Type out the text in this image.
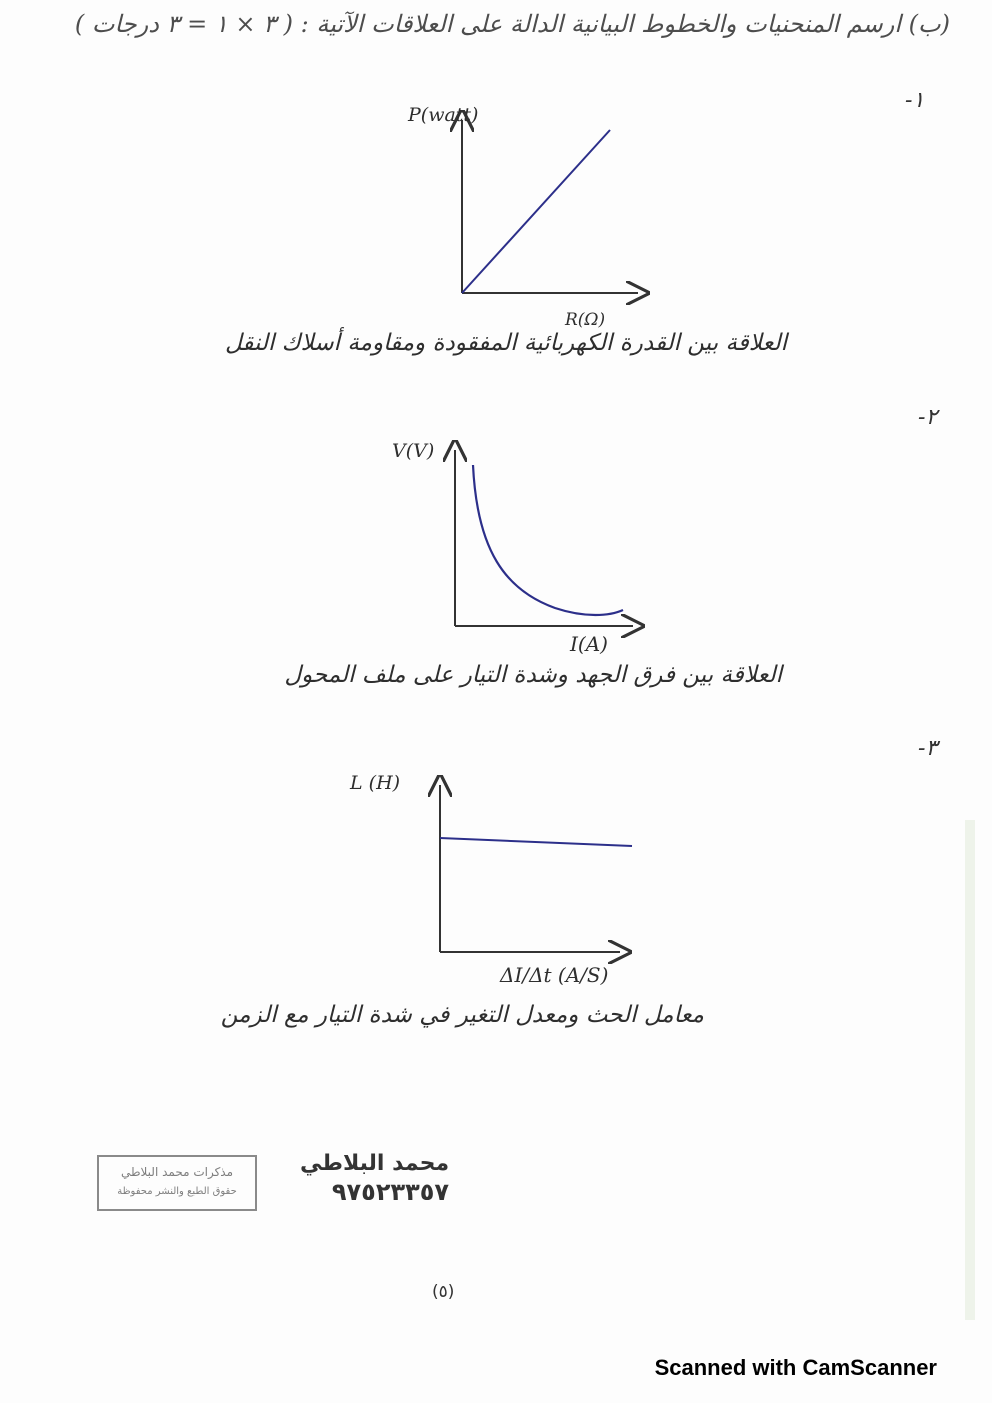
(ب) ارسم المنحنيات والخطوط البيانية الدالة على العلاقات الآتية : ( ٣ × ١ = ٣ درجات )
١-
P(watt)
R(Ω)
العلاقة بين القدرة الكهربائية المفقودة ومقاومة أسلاك النقل
٢-
V(V)
I(A)
العلاقة بين فرق الجهد وشدة التيار على ملف المحول
٣-
L (H)
ΔI/Δt (A/S)
معامل الحث ومعدل التغير في شدة التيار مع الزمن
مذكرات محمد البلاطي
حقوق الطبع والنشر محفوظة
محمد البلاطي
٩٧٥٢٣٣٥٧
(٥)
Scanned with CamScanner
